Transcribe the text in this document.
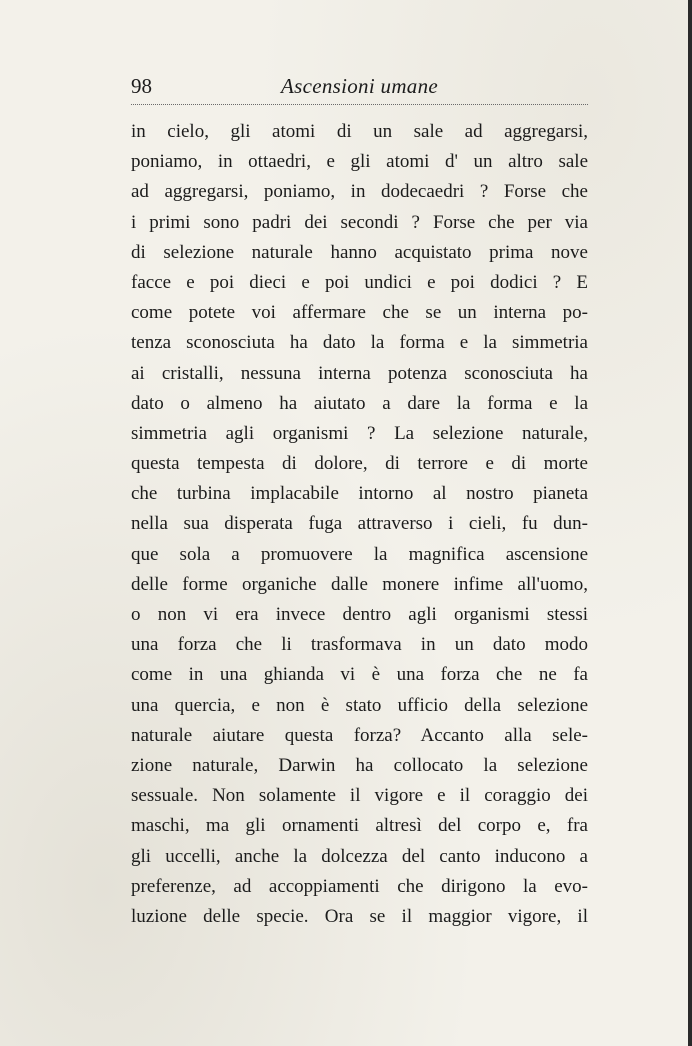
98	Ascensioni umane
in cielo, gli atomi di un sale ad aggregarsi,
poniamo, in ottaedri, e gli atomi d' un altro sale
ad aggregarsi, poniamo, in dodecaedri ? Forse che
i primi sono padri dei secondi ? Forse che per via
di selezione naturale hanno acquistato prima nove
facce e poi dieci e poi undici e poi dodici ? E
come potete voi affermare che se un interna po-
tenza sconosciuta ha dato la forma e la simmetria
ai cristalli, nessuna interna potenza sconosciuta ha
dato o almeno ha aiutato a dare la forma e la
simmetria agli organismi ? La selezione naturale,
questa tempesta di dolore, di terrore e di morte
che turbina implacabile intorno al nostro pianeta
nella sua disperata fuga attraverso i cieli, fu dun-
que sola a promuovere la magnifica ascensione
delle forme organiche dalle monere infime all'uomo,
o non vi era invece dentro agli organismi stessi
una forza che li trasformava in un dato modo
come in una ghianda vi è una forza che ne fa
una quercia, e non è stato ufficio della selezione
naturale aiutare questa forza? Accanto alla sele-
zione naturale, Darwin ha collocato la selezione
sessuale. Non solamente il vigore e il coraggio dei
maschi, ma gli ornamenti altresì del corpo e, fra
gli uccelli, anche la dolcezza del canto inducono a
preferenze, ad accoppiamenti che dirigono la evo-
luzione delle specie. Ora se il maggior vigore, il
